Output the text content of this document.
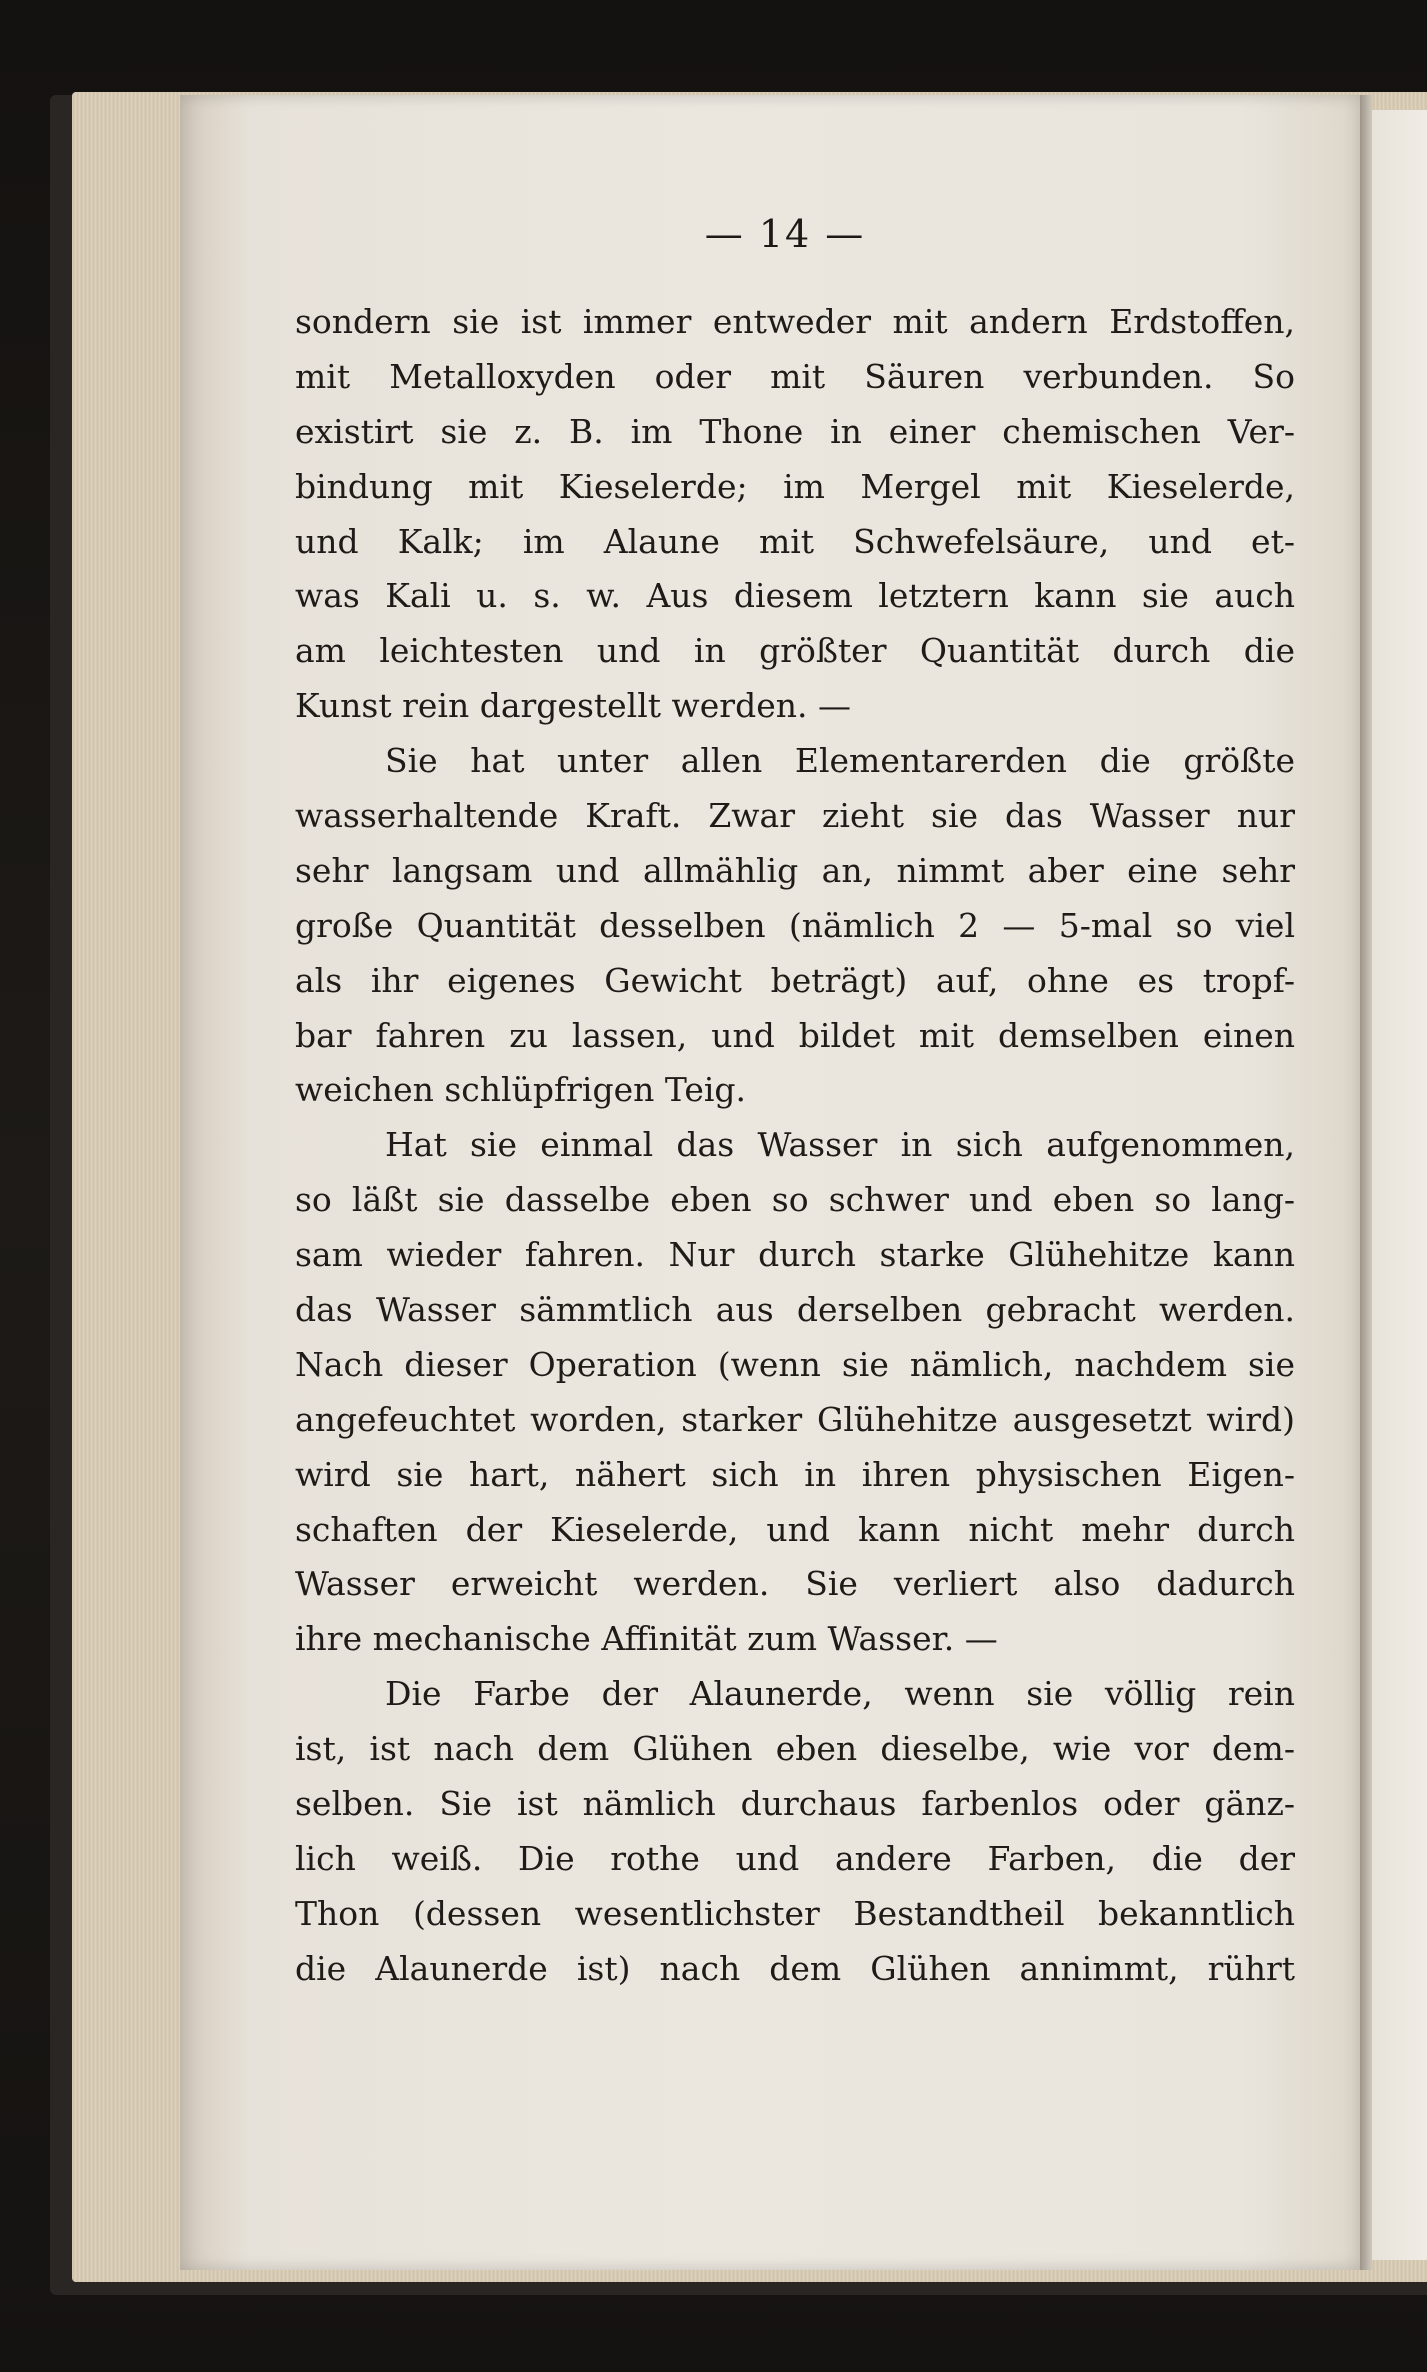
— 14 —
sondern sie ist immer entweder mit andern Erdstoffen,
mit Metalloxyden oder mit Säuren verbunden. So
existirt sie z. B. im Thone in einer chemischen Ver-
bindung mit Kieselerde; im Mergel mit Kieselerde,
und Kalk; im Alaune mit Schwefelsäure, und et-
was Kali u. s. w. Aus diesem letztern kann sie auch
am leichtesten und in größter Quantität durch die
Kunst rein dargestellt werden. —
Sie hat unter allen Elementarerden die größte
wasserhaltende Kraft. Zwar zieht sie das Wasser nur
sehr langsam und allmählig an, nimmt aber eine sehr
große Quantität desselben (nämlich 2 — 5-mal so viel
als ihr eigenes Gewicht beträgt) auf, ohne es tropf-
bar fahren zu lassen, und bildet mit demselben einen
weichen schlüpfrigen Teig.
Hat sie einmal das Wasser in sich aufgenommen,
so läßt sie dasselbe eben so schwer und eben so lang-
sam wieder fahren. Nur durch starke Glühehitze kann
das Wasser sämmtlich aus derselben gebracht werden.
Nach dieser Operation (wenn sie nämlich, nachdem sie
angefeuchtet worden, starker Glühehitze ausgesetzt wird)
wird sie hart, nähert sich in ihren physischen Eigen-
schaften der Kieselerde, und kann nicht mehr durch
Wasser erweicht werden. Sie verliert also dadurch
ihre mechanische Affinität zum Wasser. —
Die Farbe der Alaunerde, wenn sie völlig rein
ist, ist nach dem Glühen eben dieselbe, wie vor dem-
selben. Sie ist nämlich durchaus farbenlos oder gänz-
lich weiß. Die rothe und andere Farben, die der
Thon (dessen wesentlichster Bestandtheil bekanntlich
die Alaunerde ist) nach dem Glühen annimmt, rührt
